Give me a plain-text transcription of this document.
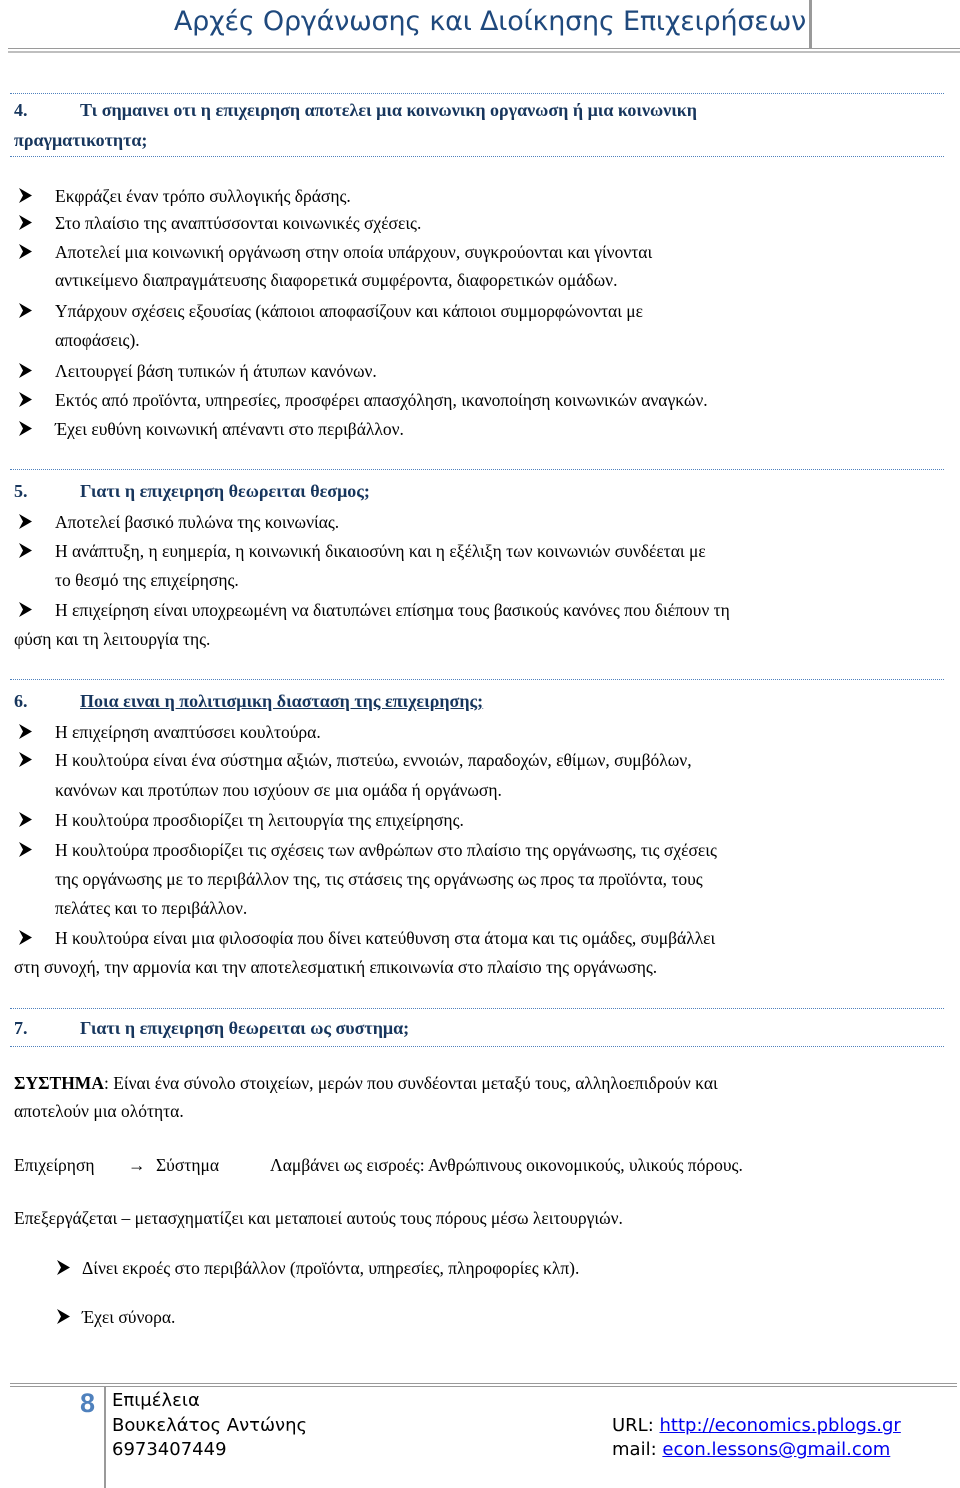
Αρχές Οργάνωσης και Διοίκησης Επιχειρήσεων
4.	Τι σημαινει οτι η επιχειρηση αποτελει μια κοινωνικη οργανωση ή μια κοινωνικη
πραγματικοτητα;
Εκφράζει έναν τρόπο συλλογικής δράσης.
Στο πλαίσιο της αναπτύσσονται κοινωνικές σχέσεις.
Αποτελεί μια κοινωνική οργάνωση στην οποία υπάρχουν, συγκρούονται και γίνονται
αντικείμενο διαπραγμάτευσης διαφορετικά συμφέροντα, διαφορετικών ομάδων.
Υπάρχουν σχέσεις εξουσίας (κάποιοι αποφασίζουν και κάποιοι συμμορφώνονται με
αποφάσεις).
Λειτουργεί βάση τυπικών ή άτυπων κανόνων.
Εκτός από προϊόντα, υπηρεσίες, προσφέρει απασχόληση, ικανοποίηση κοινωνικών αναγκών.
Έχει ευθύνη κοινωνική απέναντι στο περιβάλλον.
5.	Γιατι η επιχειρηση θεωρειται θεσμος;
Αποτελεί βασικό πυλώνα της κοινωνίας.
Η ανάπτυξη, η ευημερία, η κοινωνική δικαιοσύνη και η εξέλιξη των κοινωνιών συνδέεται με
το θεσμό της επιχείρησης.
Η επιχείρηση είναι υποχρεωμένη να διατυπώνει επίσημα τους βασικούς κανόνες που διέπουν τη
φύση και τη λειτουργία της.
6.	Ποια ειναι η πολιτισμικη διασταση της επιχειρησης;
Η επιχείρηση αναπτύσσει κουλτούρα.
Η κουλτούρα είναι ένα σύστημα αξιών, πιστεύω, εννοιών, παραδοχών, εθίμων, συμβόλων,
κανόνων και προτύπων που ισχύουν σε μια ομάδα ή οργάνωση.
Η κουλτούρα προσδιορίζει τη λειτουργία της επιχείρησης.
Η κουλτούρα προσδιορίζει τις σχέσεις των ανθρώπων στο πλαίσιο της οργάνωσης, τις σχέσεις
της οργάνωσης με το περιβάλλον της, τις στάσεις της οργάνωσης ως προς τα προϊόντα, τους
πελάτες και το περιβάλλον.
Η κουλτούρα είναι μια φιλοσοφία που δίνει κατεύθυνση στα άτομα και τις ομάδες, συμβάλλει
στη συνοχή, την αρμονία και την αποτελεσματική επικοινωνία στο πλαίσιο της οργάνωσης.
7.	Γιατι η επιχειρηση θεωρειται ως συστημα;
ΣΥΣΤΗΜΑ: Είναι ένα σύνολο στοιχείων, μερών που συνδέονται μεταξύ τους, αλληλοεπιδρούν και
αποτελούν μια ολότητα.
Επιχείρηση → Σύστημα	Λαμβάνει ως εισροές: Ανθρώπινους οικονομικούς, υλικούς πόρους.
Επεξεργάζεται – μετασχηματίζει και μεταποιεί αυτούς τους πόρους μέσω λειτουργιών.
Δίνει εκροές στο περιβάλλον (προϊόντα, υπηρεσίες, πληροφορίες κλπ).
Έχει σύνορα.
8 Επιμέλεια
Βουκελάτος Αντώνης
6973407449
URL: http://economics.pblogs.gr
mail: econ.lessons@gmail.com
